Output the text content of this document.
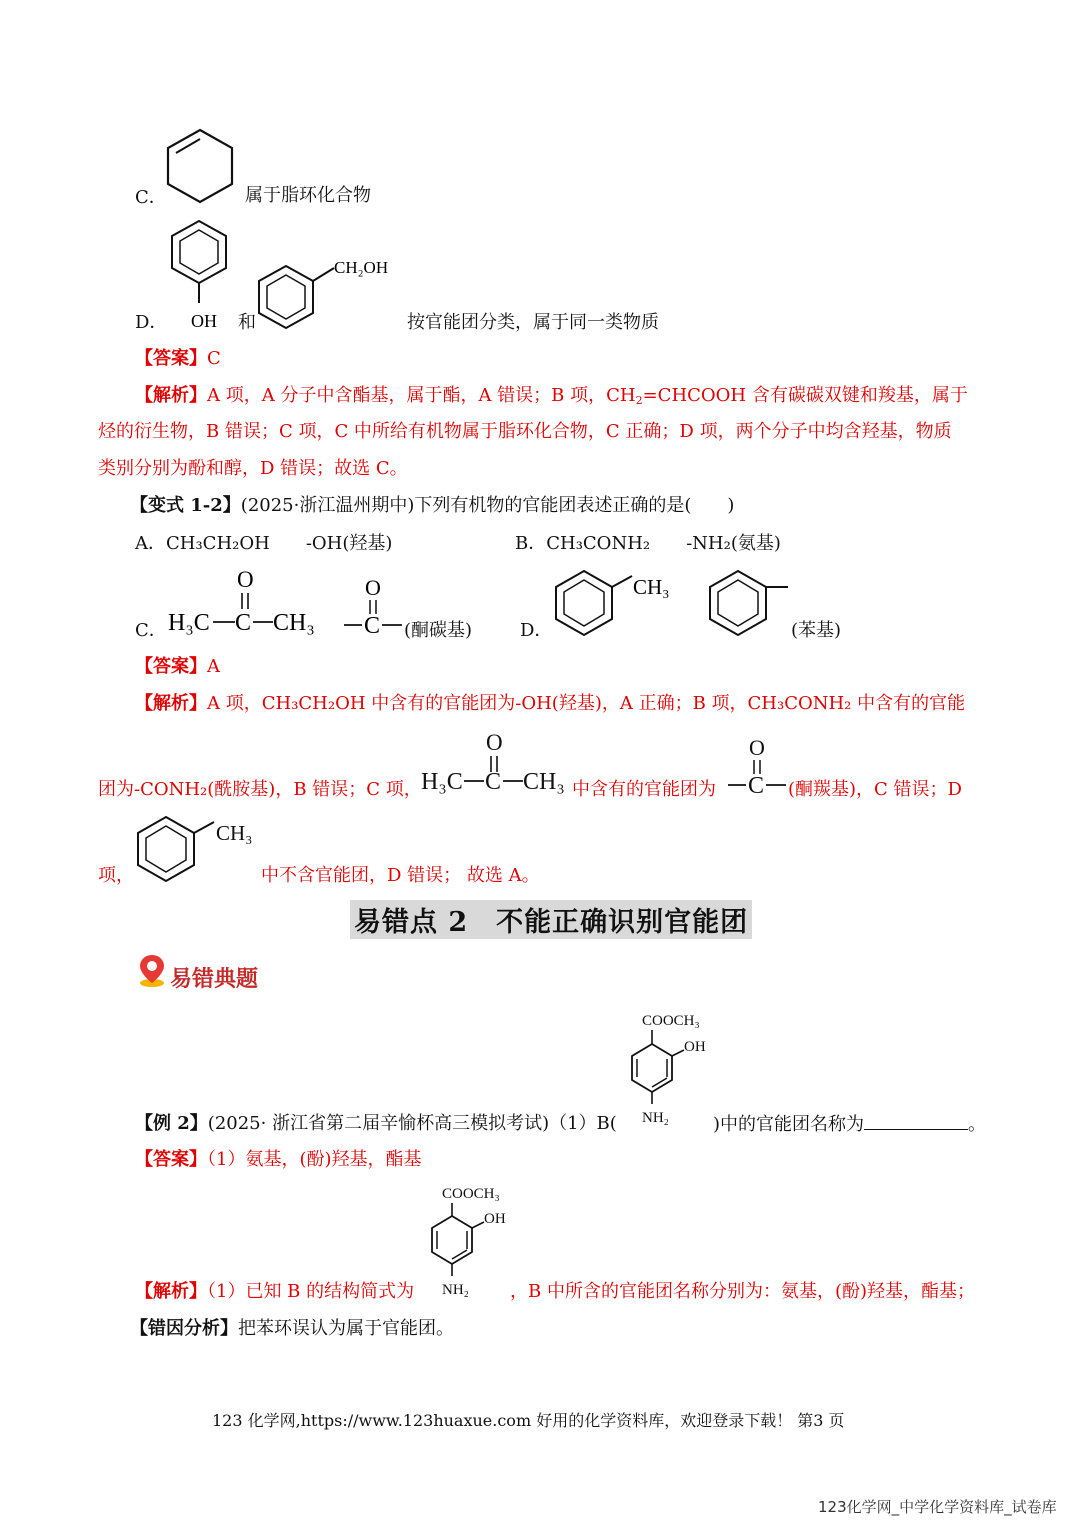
C．	属于脂环化合物
D． OH 和
CH₂OH
按官能团分类，属于同一类物质
【答案】C
【解析】A 项，A 分子中含酯基，属于酯，A 错误；B 项，$CH_2=CHCOOH$ 含有碳碳双键和羧基，属于
烃的衍生物，B 错误；C 项，C 中所给有机物属于脂环化合物，C 正确；D 项，两个分子中均含羟基，物质
类别分别为酚和醇，D 错误；故选 C。
【变式 1-2】(2025·浙江温州期中)下列有机物的官能团表述正确的是(　　)
A．CH₃CH₂OH　　-OH(羟基)	B．CH₃CONH₂　　-NH₂(氨基)
C．
O
H₃C C CH₃
O
C (酮碳基)	D．
CH₃
(苯基)
【答案】A
【解析】A 项，CH₃CH₂OH 中含有的官能团为-OH(羟基)，A 正确；B 项，CH₃CONH₂ 中含有的官能
团为-CONH₂(酰胺基)，B 错误；C 项，
O
H₃C C CH₃ 中含有的官能团为
O
C (酮羰基)，C 错误；D
项，
CH₃
中不含官能团，D 错误； 故选 A。
易错点 2　不能正确识别官能团
易错典题
COOCH₃
OH
NH₂
【例 2】(2025· 浙江省第二届辛愉杯高三模拟考试)（1）B(	)中的官能团名称为	。
【答案】（1）氨基，(酚)羟基，酯基
COOCH₃
OH
NH₂
【解析】（1）已知 B 的结构简式为	，B 中所含的官能团名称分别为：氨基，(酚)羟基，酯基；
【错因分析】把苯环误认为属于官能团。
123 化学网,https://www.123huaxue.com 好用的化学资料库，欢迎登录下载！ 第3 页
123化学网_中学化学资料库_试卷库
